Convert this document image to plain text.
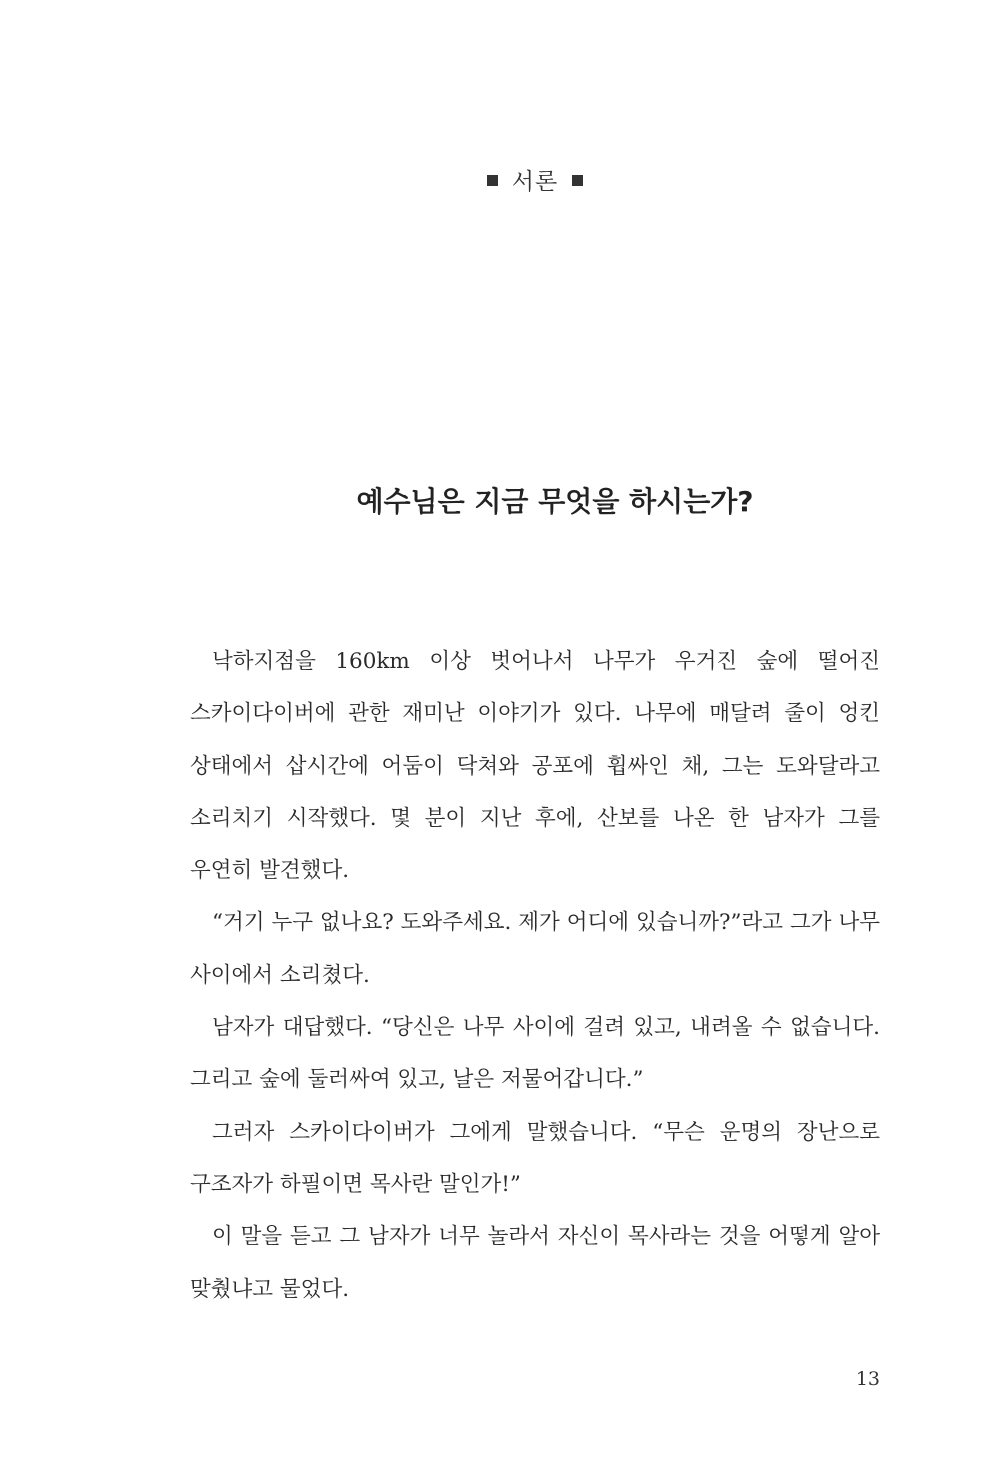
서론
예수님은 지금 무엇을 하시는가?

낙하지점을 160km 이상 벗어나서 나무가 우거진 숲에 떨어진 스카이다이버에 관한 재미난 이야기가 있다. 나무에 매달려 줄이 엉킨 상태에서 삽시간에 어둠이 닥쳐와 공포에 휩싸인 채, 그는 도와달라고 소리치기 시작했다. 몇 분이 지난 후에, 산보를 나온 한 남자가 그를 우연히 발견했다.

“거기 누구 없나요? 도와주세요. 제가 어디에 있습니까?”라고 그가 나무 사이에서 소리쳤다.

남자가 대답했다. “당신은 나무 사이에 걸려 있고, 내려올 수 없습니다. 그리고 숲에 둘러싸여 있고, 날은 저물어갑니다.”

그러자 스카이다이버가 그에게 말했습니다. “무슨 운명의 장난으로 구조자가 하필이면 목사란 말인가!”

이 말을 듣고 그 남자가 너무 놀라서 자신이 목사라는 것을 어떻게 알아 맞췄냐고 물었다.

13
